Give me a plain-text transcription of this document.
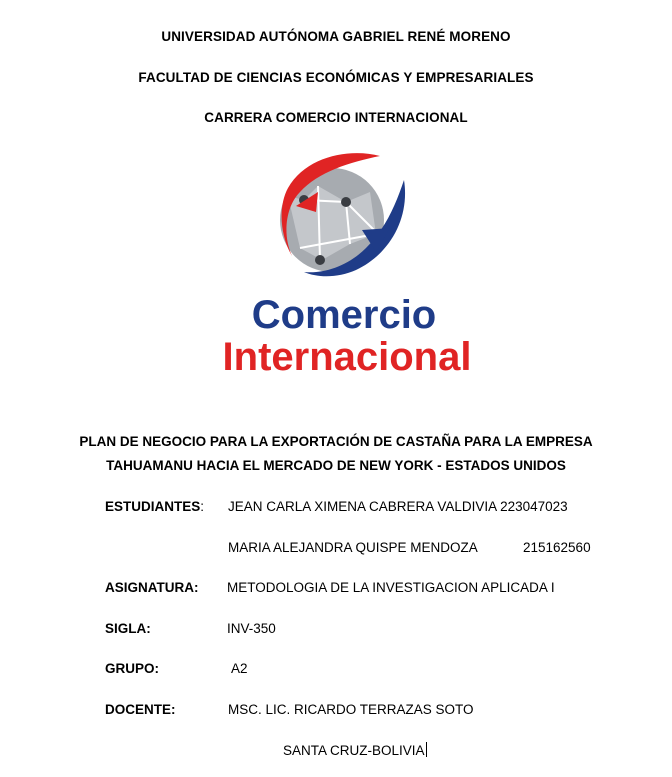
UNIVERSIDAD AUTÓNOMA GABRIEL RENÉ MORENO
FACULTAD DE CIENCIAS ECONÓMICAS Y EMPRESARIALES
CARRERA COMERCIO INTERNACIONAL
Comercio
Internacional
PLAN DE NEGOCIO PARA LA EXPORTACIÓN DE CASTAÑA PARA LA EMPRESA
TAHUAMANU HACIA EL MERCADO DE NEW YORK - ESTADOS UNIDOS
ESTUDIANTES: JEAN CARLA XIMENA CABRERA VALDIVIA 223047023
MARIA ALEJANDRA QUISPE MENDOZA	215162560
ASIGNATURA: METODOLOGIA DE LA INVESTIGACION APLICADA I
SIGLA:	INV-350
GRUPO:	A2
DOCENTE:	MSC. LIC. RICARDO TERRAZAS SOTO
SANTA CRUZ-BOLIVIA
